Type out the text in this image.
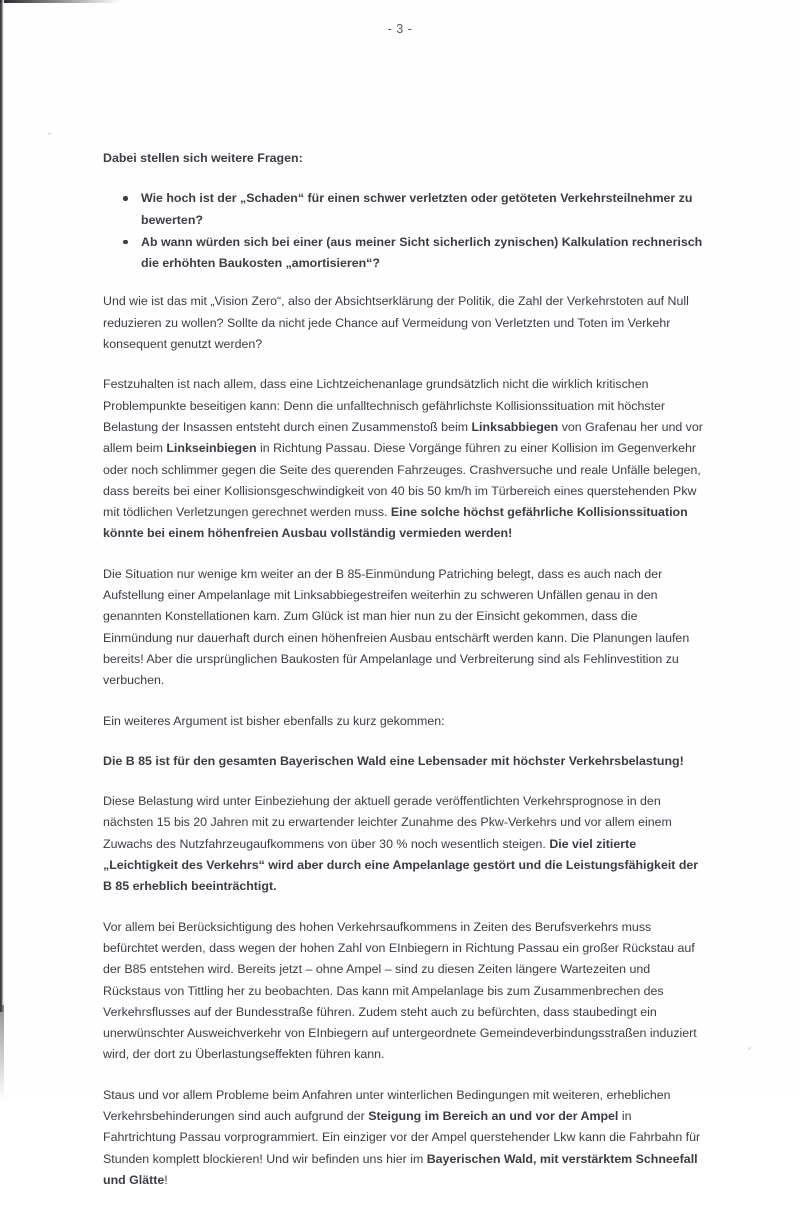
- 3 -

Dabei stellen sich weitere Fragen:

Wie hoch ist der „Schaden“ für einen schwer verletzten oder getöteten Verkehrsteilnehmer zu bewerten?
Ab wann würden sich bei einer (aus meiner Sicht sicherlich zynischen) Kalkulation rechnerisch die erhöhten Baukosten „amortisieren“?

Und wie ist das mit „Vision Zero“, also der Absichtserklärung der Politik, die Zahl der Verkehrstoten auf Null reduzieren zu wollen? Sollte da nicht jede Chance auf Vermeidung von Verletzten und Toten im Verkehr konsequent genutzt werden?

Festzuhalten ist nach allem, dass eine Lichtzeichenanlage grundsätzlich nicht die wirklich kritischen Problempunkte beseitigen kann: Denn die unfalltechnisch gefährlichste Kollisionssituation mit höchster Belastung der Insassen entsteht durch einen Zusammenstoß beim Linksabbiegen von Grafenau her und vor allem beim Linkseinbiegen in Richtung Passau. Diese Vorgänge führen zu einer Kollision im Gegenverkehr oder noch schlimmer gegen die Seite des querenden Fahrzeuges. Crashversuche und reale Unfälle belegen, dass bereits bei einer Kollisionsgeschwindigkeit von 40 bis 50 km/h im Türbereich eines querstehenden Pkw mit tödlichen Verletzungen gerechnet werden muss. Eine solche höchst gefährliche Kollisionssituation könnte bei einem höhenfreien Ausbau vollständig vermieden werden!

Die Situation nur wenige km weiter an der B 85-Einmündung Patriching belegt, dass es auch nach der Aufstellung einer Ampelanlage mit Linksabbiegestreifen weiterhin zu schweren Unfällen genau in den genannten Konstellationen kam. Zum Glück ist man hier nun zu der Einsicht gekommen, dass die Einmündung nur dauerhaft durch einen höhenfreien Ausbau entschärft werden kann. Die Planungen laufen bereits! Aber die ursprünglichen Baukosten für Ampelanlage und Verbreiterung sind als Fehlinvestition zu verbuchen.

Ein weiteres Argument ist bisher ebenfalls zu kurz gekommen:

Die B 85 ist für den gesamten Bayerischen Wald eine Lebensader mit höchster Verkehrsbelastung!

Diese Belastung wird unter Einbeziehung der aktuell gerade veröffentlichten Verkehrsprognose in den nächsten 15 bis 20 Jahren mit zu erwartender leichter Zunahme des Pkw-Verkehrs und vor allem einem Zuwachs des Nutzfahrzeugaufkommens von über 30 % noch wesentlich steigen. Die viel zitierte „Leichtigkeit des Verkehrs“ wird aber durch eine Ampelanlage gestört und die Leistungsfähigkeit der B 85 erheblich beeinträchtigt.

Vor allem bei Berücksichtigung des hohen Verkehrsaufkommens in Zeiten des Berufsverkehrs muss befürchtet werden, dass wegen der hohen Zahl von EInbiegern in Richtung Passau ein großer Rückstau auf der B85 entstehen wird. Bereits jetzt – ohne Ampel – sind zu diesen Zeiten längere Wartezeiten und Rückstaus von Tittling her zu beobachten. Das kann mit Ampelanlage bis zum Zusammenbrechen des Verkehrsflusses auf der Bundesstraße führen. Zudem steht auch zu befürchten, dass staubedingt ein unerwünschter Ausweichverkehr von EInbiegern auf untergeordnete Gemeindeverbindungsstraßen induziert wird, der dort zu Überlastungseffekten führen kann.

Staus und vor allem Probleme beim Anfahren unter winterlichen Bedingungen mit weiteren, erheblichen Verkehrsbehinderungen sind auch aufgrund der Steigung im Bereich an und vor der Ampel in Fahrtrichtung Passau vorprogrammiert. Ein einziger vor der Ampel querstehender Lkw kann die Fahrbahn für Stunden komplett blockieren! Und wir befinden uns hier im Bayerischen Wald, mit verstärktem Schneefall und Glätte!
